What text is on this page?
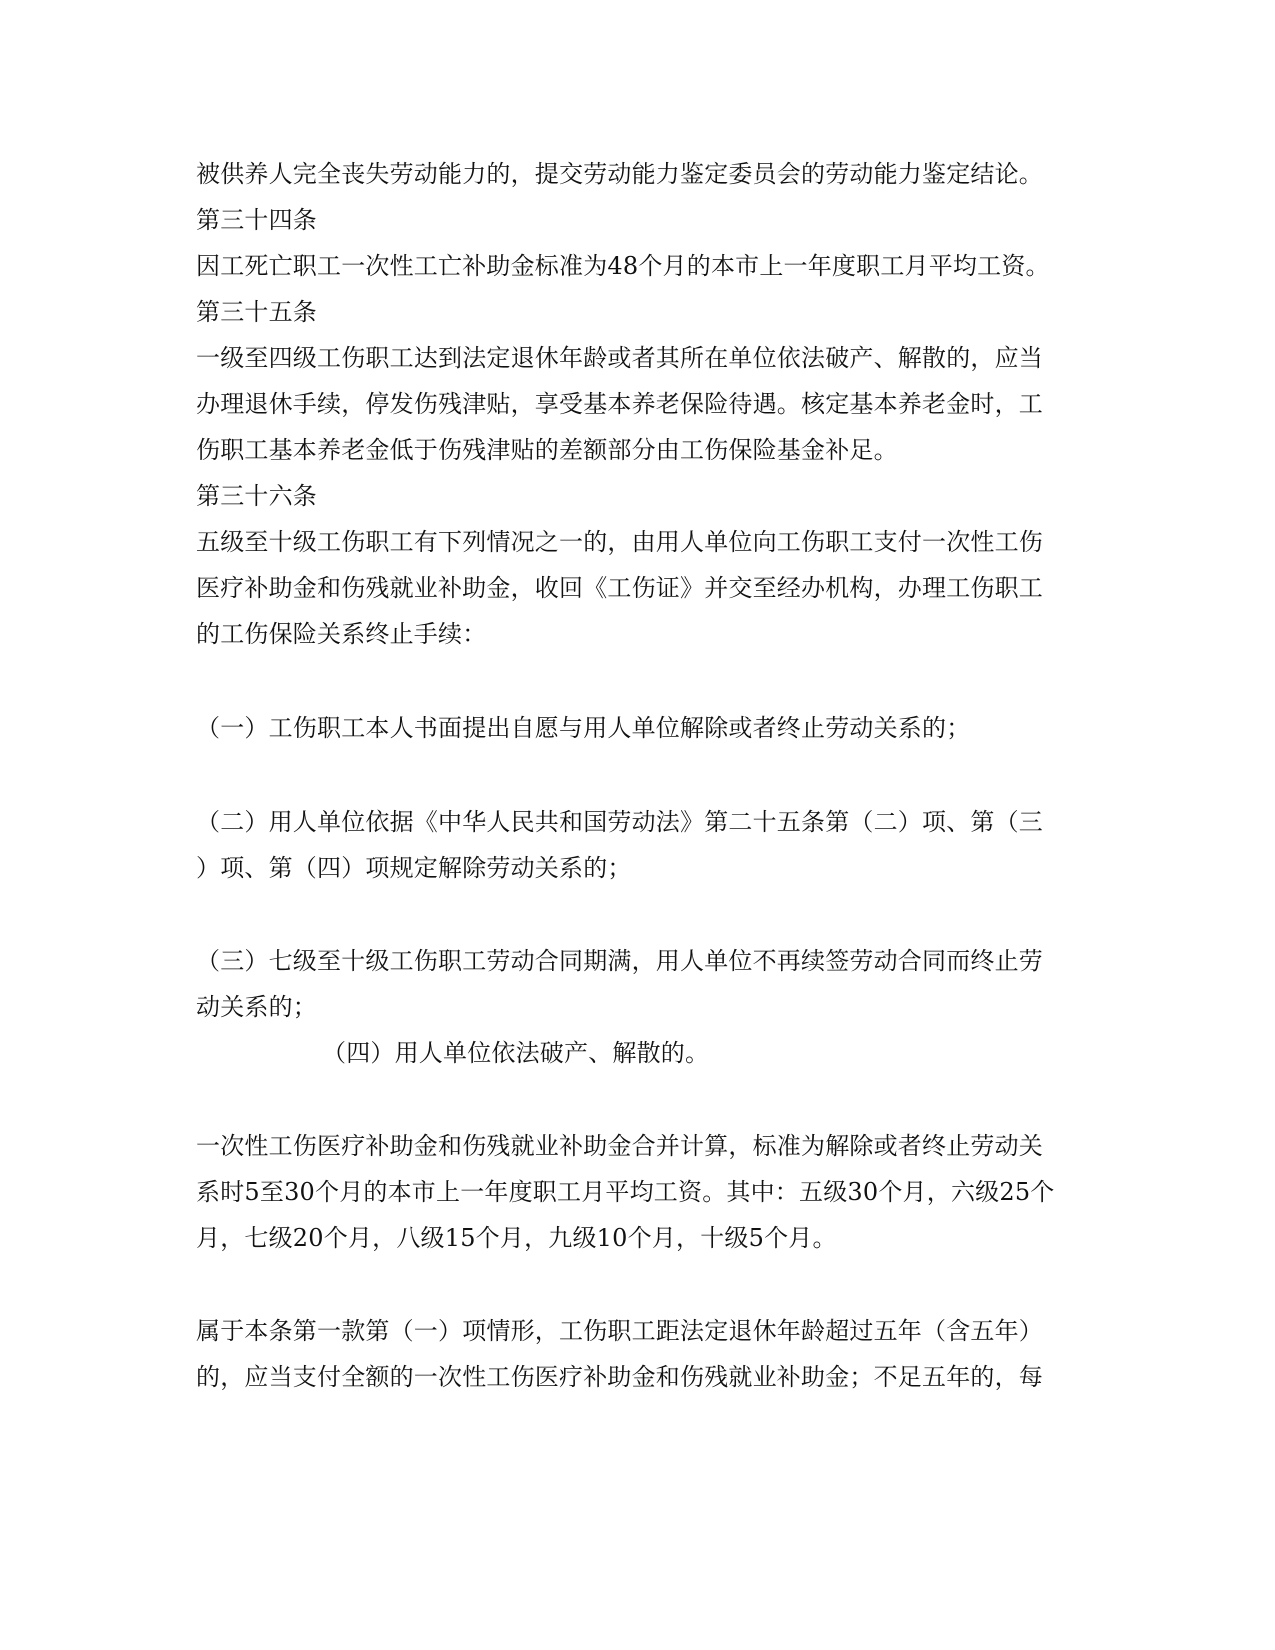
被供养人完全丧失劳动能力的，提交劳动能力鉴定委员会的劳动能力鉴定结论。

第三十四条

因工死亡职工一次性工亡补助金标准为48个月的本市上一年度职工月平均工资。

第三十五条

一级至四级工伤职工达到法定退休年龄或者其所在单位依法破产、解散的，应当

办理退休手续，停发伤残津贴，享受基本养老保险待遇。核定基本养老金时，工

伤职工基本养老金低于伤残津贴的差额部分由工伤保险基金补足。

第三十六条

五级至十级工伤职工有下列情况之一的，由用人单位向工伤职工支付一次性工伤

医疗补助金和伤残就业补助金，收回《工伤证》并交至经办机构，办理工伤职工

的工伤保险关系终止手续：

（一）工伤职工本人书面提出自愿与用人单位解除或者终止劳动关系的；

（二）用人单位依据《中华人民共和国劳动法》第二十五条第（二）项、第（三

）项、第（四）项规定解除劳动关系的；

（三）七级至十级工伤职工劳动合同期满，用人单位不再续签劳动合同而终止劳

动关系的；

（四）用人单位依法破产、解散的。

一次性工伤医疗补助金和伤残就业补助金合并计算，标准为解除或者终止劳动关

系时5至30个月的本市上一年度职工月平均工资。其中：五级30个月，六级25个

月，七级20个月，八级15个月，九级10个月，十级5个月。

属于本条第一款第（一）项情形，工伤职工距法定退休年龄超过五年（含五年）

的，应当支付全额的一次性工伤医疗补助金和伤残就业补助金；不足五年的，每
